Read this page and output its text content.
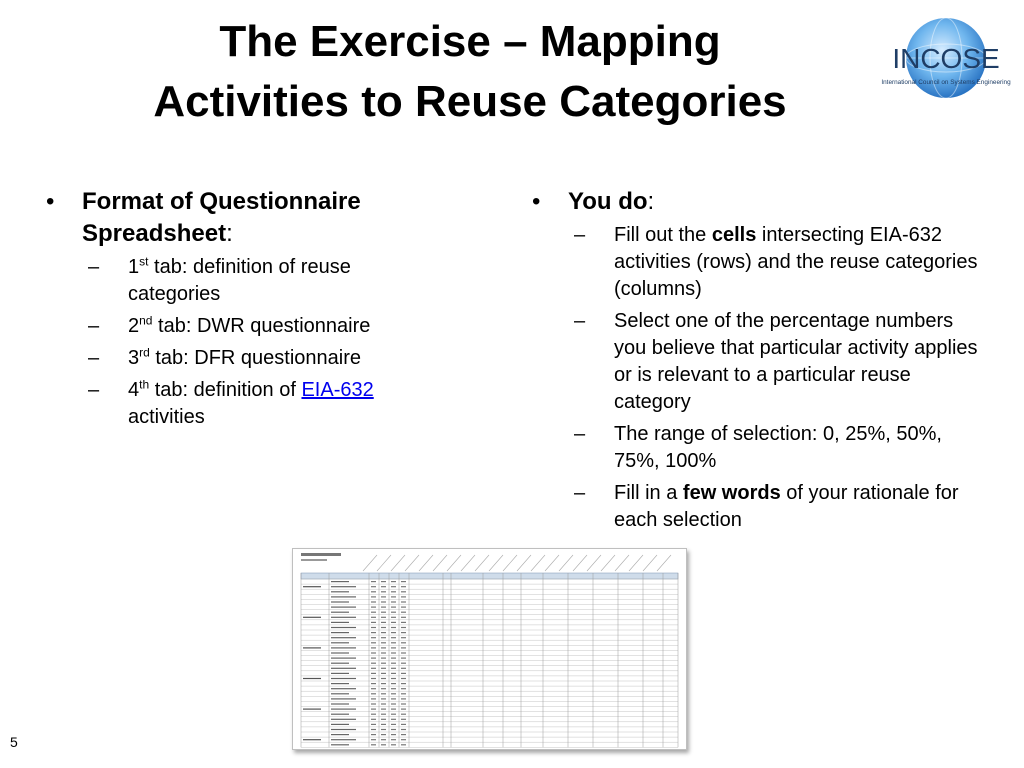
The Exercise – Mapping
Activities to Reuse Categories
INCOSE
International Council on Systems Engineering
• Format of Questionnaire Spreadsheet:
– 1st tab: definition of reuse categories
– 2nd tab: DWR questionnaire
– 3rd tab: DFR questionnaire
– 4th tab: definition of EIA-632 activities
• You do:
– Fill out the cells intersecting EIA-632 activities (rows) and the reuse categories (columns)
– Select one of the percentage numbers you believe that particular activity applies or is relevant to a particular reuse category
– The range of selection: 0, 25%, 50%, 75%, 100%
– Fill in a few words of your rationale for each selection
5
